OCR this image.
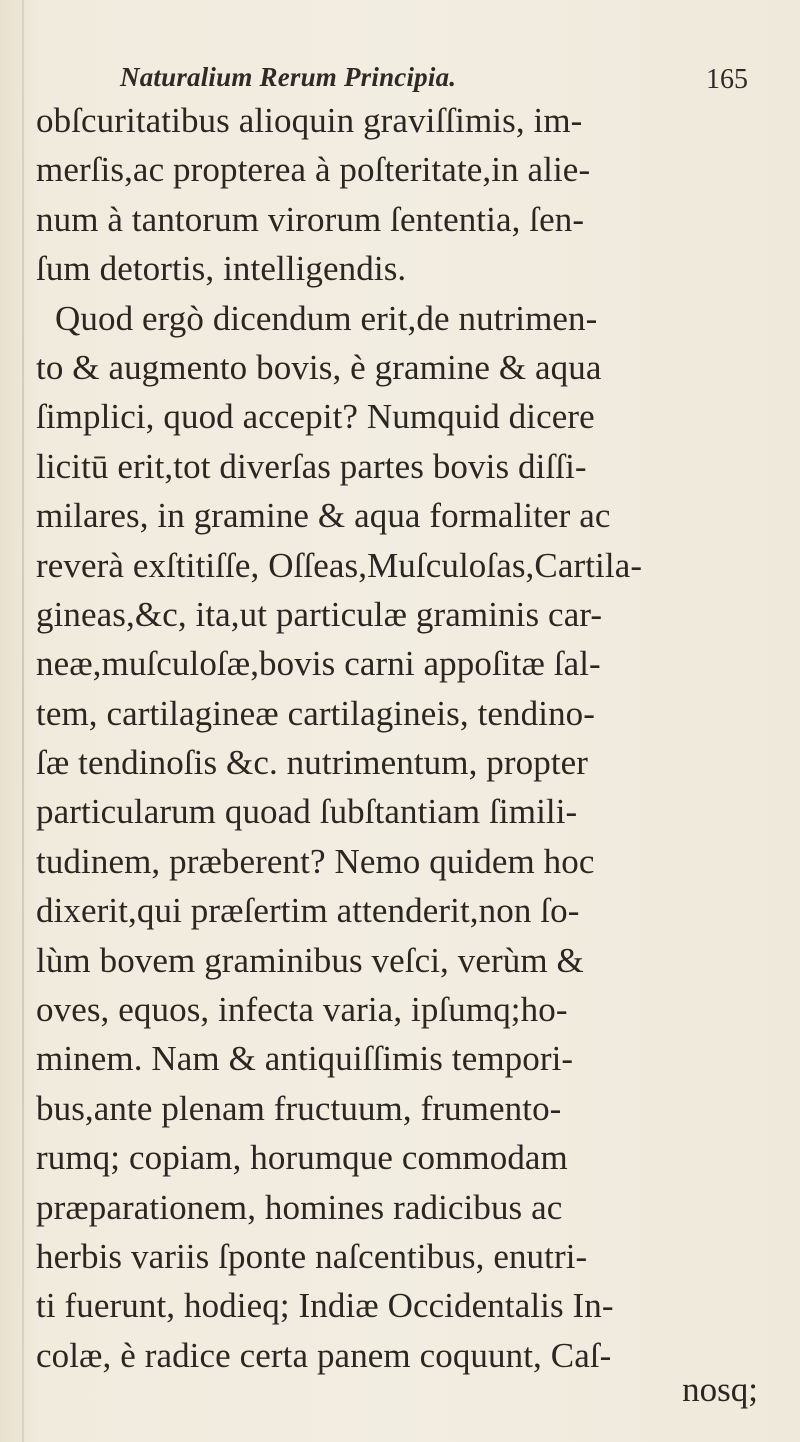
Naturalium Rerum Principia.	165
obſcuritatibus alioquin graviſſimis, im-
merſis,ac propterea à poſteritate,in alie-
num à tantorum virorum ſententia, ſen-
ſum detortis, intelligendis.
Quod ergò dicendum erit,de nutrimen-
to & augmento bovis, è gramine & aqua
ſimplici, quod accepit? Numquid dicere
licitū erit,tot diverſas partes bovis diſſi-
milares, in gramine & aqua formaliter ac
reverà exſtitiſſe, Oſſeas,Muſculoſas,Cartila-
gineas,&c, ita,ut particulæ graminis car-
neæ,muſculoſæ,bovis carni appoſitæ ſal-
tem, cartilagineæ cartilagineis, tendino-
ſæ tendinoſis &c. nutrimentum, propter
particularum quoad ſubſtantiam ſimili-
tudinem, præberent? Nemo quidem hoc
dixerit,qui præſertim attenderit,non ſo-
lùm bovem graminibus veſci, verùm &
oves, equos, infecta varia, ipſumq;ho-
minem. Nam & antiquiſſimis tempori-
bus,ante plenam fructuum, frumento-
rumq; copiam, horumque commodam
præparationem, homines radicibus ac
herbis variis ſponte naſcentibus, enutri-
ti fuerunt, hodieq; Indiæ Occidentalis In-
colæ, è radice certa panem coquunt, Caſ-
nosq;
